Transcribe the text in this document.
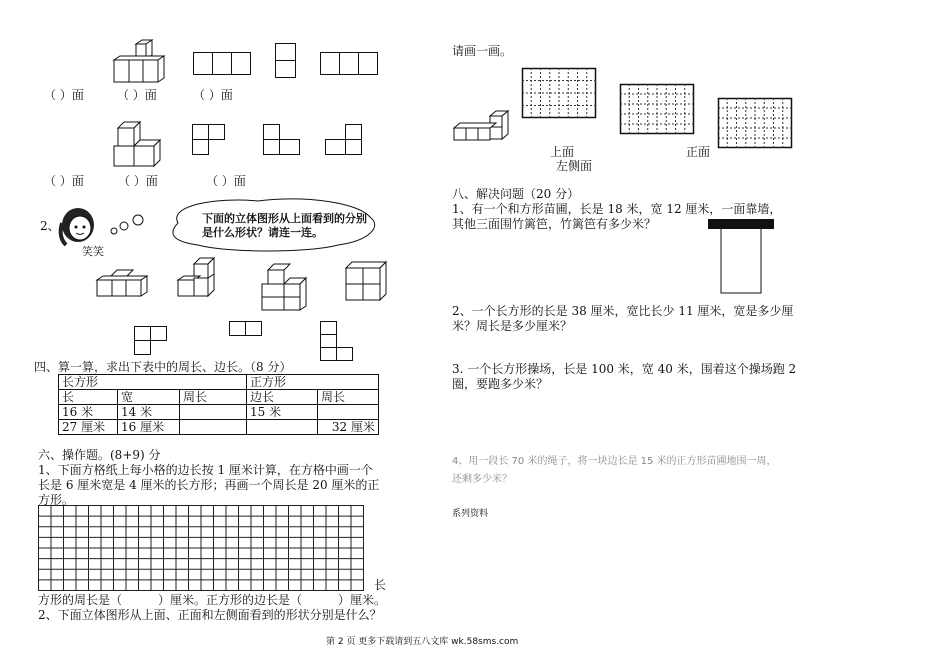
（ ）面	（ ）面	（ ）面
（ ）面	（ ）面	（ ）面
2、
笑笑
下面的立体图形从上面看到的分别
是什么形状？请连一连。
四、算一算，求出下表中的周长、边长。（8 分）
长方形			正方形	
长	宽	周长	边长	周长
16 米	14 米		15 米	
27 厘米	16 厘米			32 厘米
六、操作题。(8+9) 分
1、下面方格纸上每小格的边长按 1 厘米计算，在方格中画一个
长是 6 厘米宽是 4 厘米的长方形；再画一个周长是 20 厘米的正
方形。
长
方形的周长是（　　　）厘米。正方形的边长是（　　　）厘米。
2、下面立体图形从上面、正面和左侧面看到的形状分别是什么？
请画一画。
上面
左侧面
正面
八、解决问题（20 分）
1、有一个和方形苗圃，长是 18 米，宽 12 厘米，一面靠墙，
其他三面围竹篱笆，竹篱笆有多少米？
2、一个长方形的长是 38 厘米，宽比长少 11 厘米，宽是多少厘
米？周长是多少厘米？
3. 一个长方形操场，长是 100 米，宽 40 米，围着这个操场跑 2
圈，要跑多少米？
4、用一段长 70 米的绳子，将一块边长是 15 米的正方形苗圃地围一周，
还剩多少米？
系列资料
第 2 页 更多下载请到五八文库 wk.58sms.com
